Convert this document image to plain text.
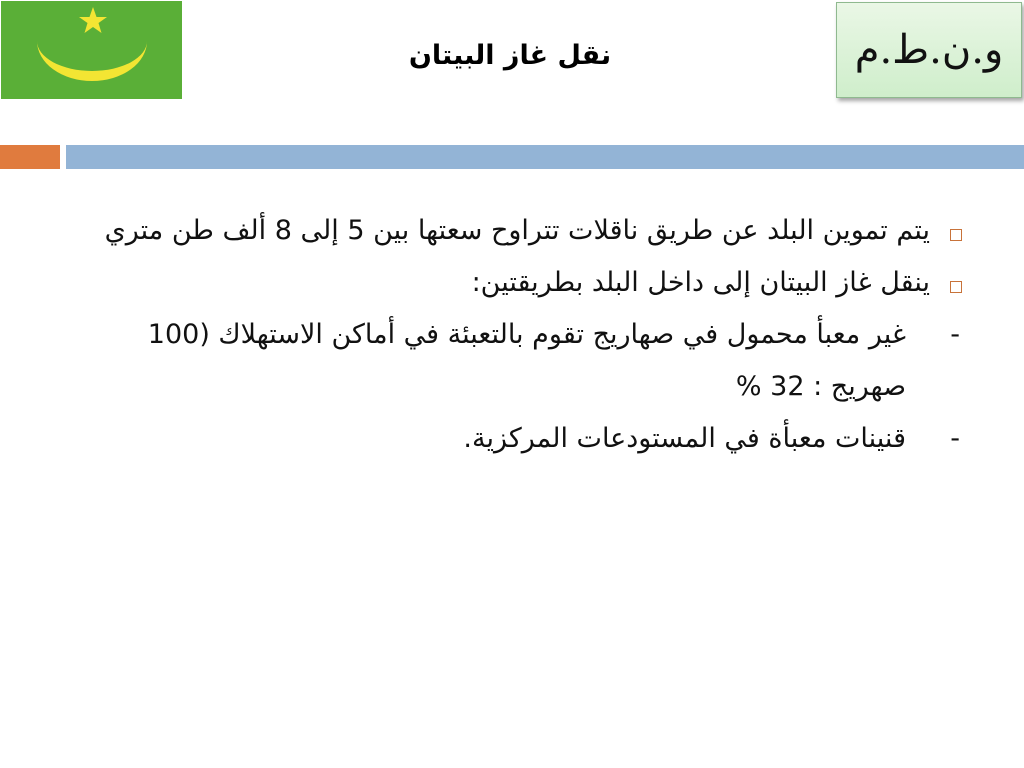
نقل غاز البيتان	و.ن.ط.م
يتم تموين البلد عن طريق ناقلات تتراوح سعتها بين 5 إلى 8 ألف طن متري
ينقل غاز البيتان إلى داخل البلد بطريقتين:
-
غير معبأ محمول في صهاريج تقوم بالتعبئة في أماكن الاستهلاك (100 صهريج : 32 %
-
قنينات معبأة في المستودعات المركزية.
